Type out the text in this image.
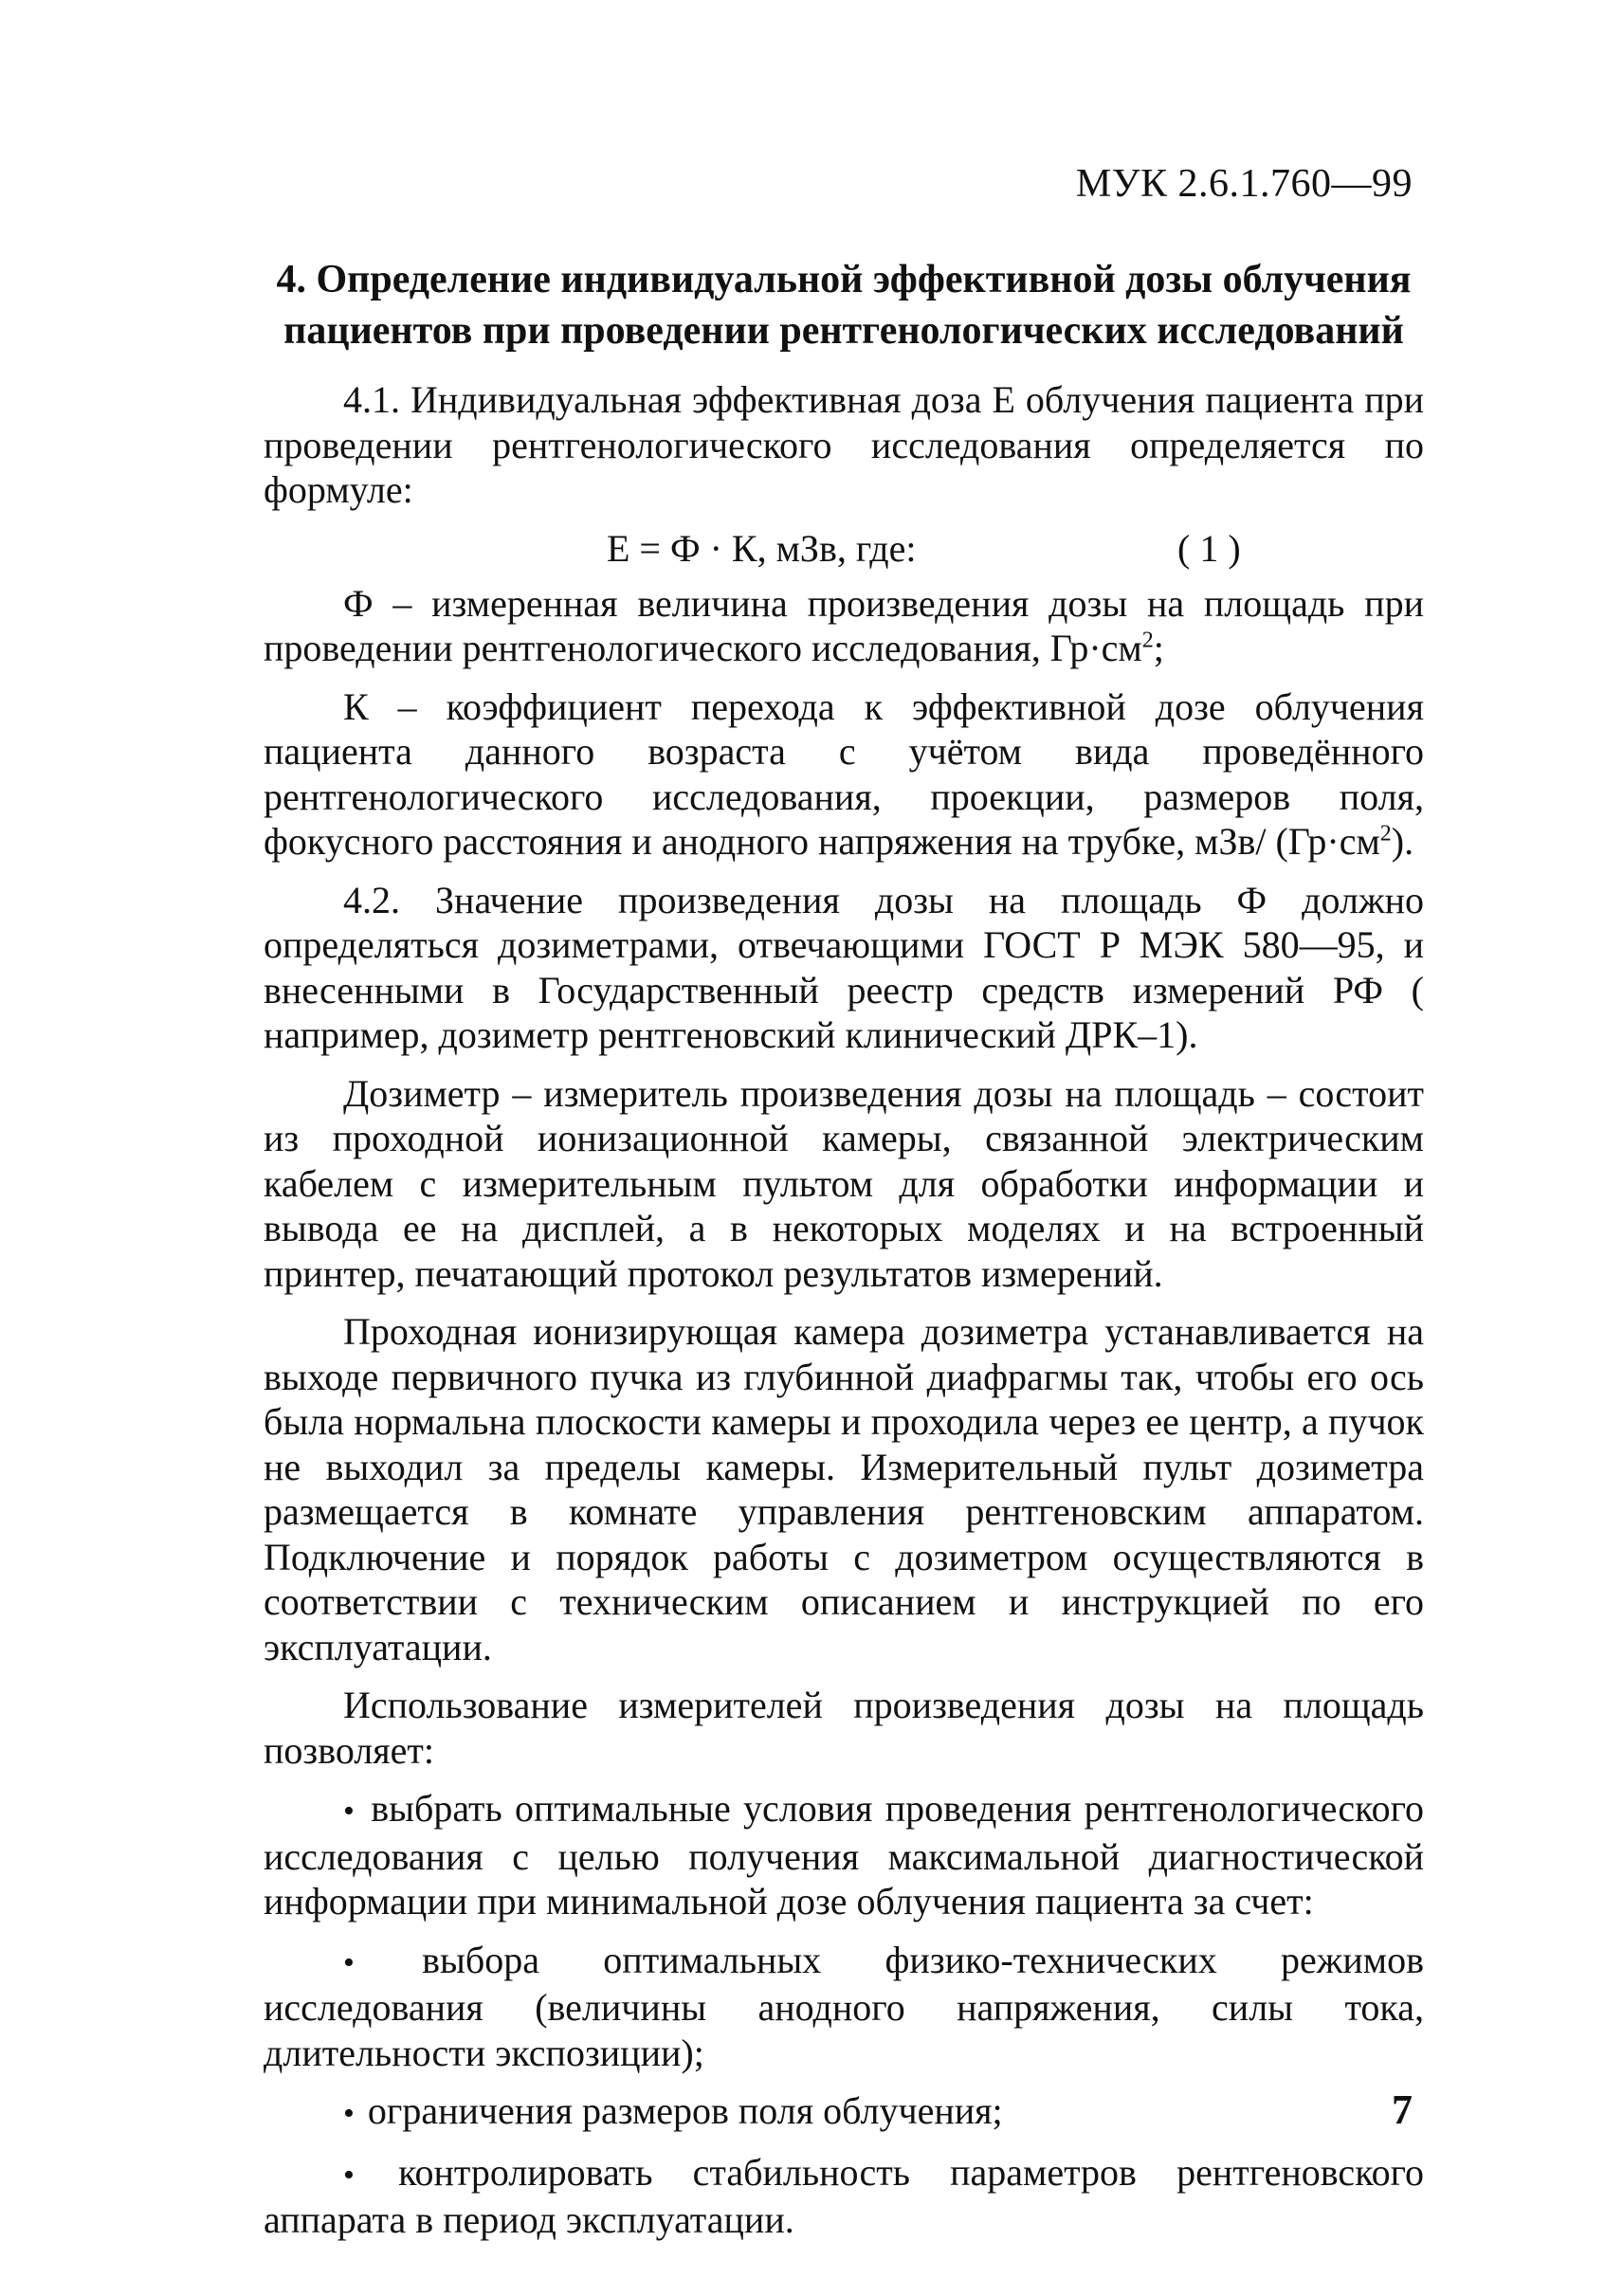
МУК 2.6.1.760—99
4. Определение индивидуальной эффективной дозы облучения
пациентов при проведении рентгенологических исследований

4.1. Индивидуальная эффективная доза Е облучения пациента при проведении рентгенологического исследования определяется по формуле:

Е = Ф · К, мЗв, где:	( 1 )

Ф – измеренная величина произведения дозы на площадь при проведении рентгенологического исследования, $Гр\cdot см^2$;

К – коэффициент перехода к эффективной дозе облучения пациента данного возраста с учётом вида проведённого рентгенологического исследования, проекции, размеров поля, фокусного расстояния и анодного напряжения на трубке, мЗв/ $(Гр\cdot см^2)$.

4.2. Значение произведения дозы на площадь Ф должно определяться дозиметрами, отвечающими ГОСТ Р МЭК 580—95, и внесенными в Государственный реестр средств измерений РФ ( например, дозиметр рентгеновский клинический ДРК–1).

Дозиметр – измеритель произведения дозы на площадь – состоит из проходной ионизационной камеры, связанной электрическим кабелем с измерительным пультом для обработки информации и вывода ее на дисплей, а в некоторых моделях и на встроенный принтер, печатающий протокол результатов измерений.

Проходная ионизирующая камера дозиметра устанавливается на выходе первичного пучка из глубинной диафрагмы так, чтобы его ось была нормальна плоскости камеры и проходила через ее центр, а пучок не выходил за пределы камеры. Измерительный пульт дозиметра размещается в комнате управления рентгеновским аппаратом. Подключение и порядок работы с дозиметром осуществляются в соответствии с техническим описанием и инструкцией по его эксплуатации.

Использование измерителей произведения дозы на площадь позволяет:

• выбрать оптимальные условия проведения рентгенологического исследования с целью получения максимальной диагностической информации при минимальной дозе облучения пациента за счет:

• выбора оптимальных физико-технических режимов исследования (величины анодного напряжения, силы тока, длительности экспозиции);

• ограничения размеров поля облучения;

• контролировать стабильность параметров рентгеновского аппарата в период эксплуатации.

7
